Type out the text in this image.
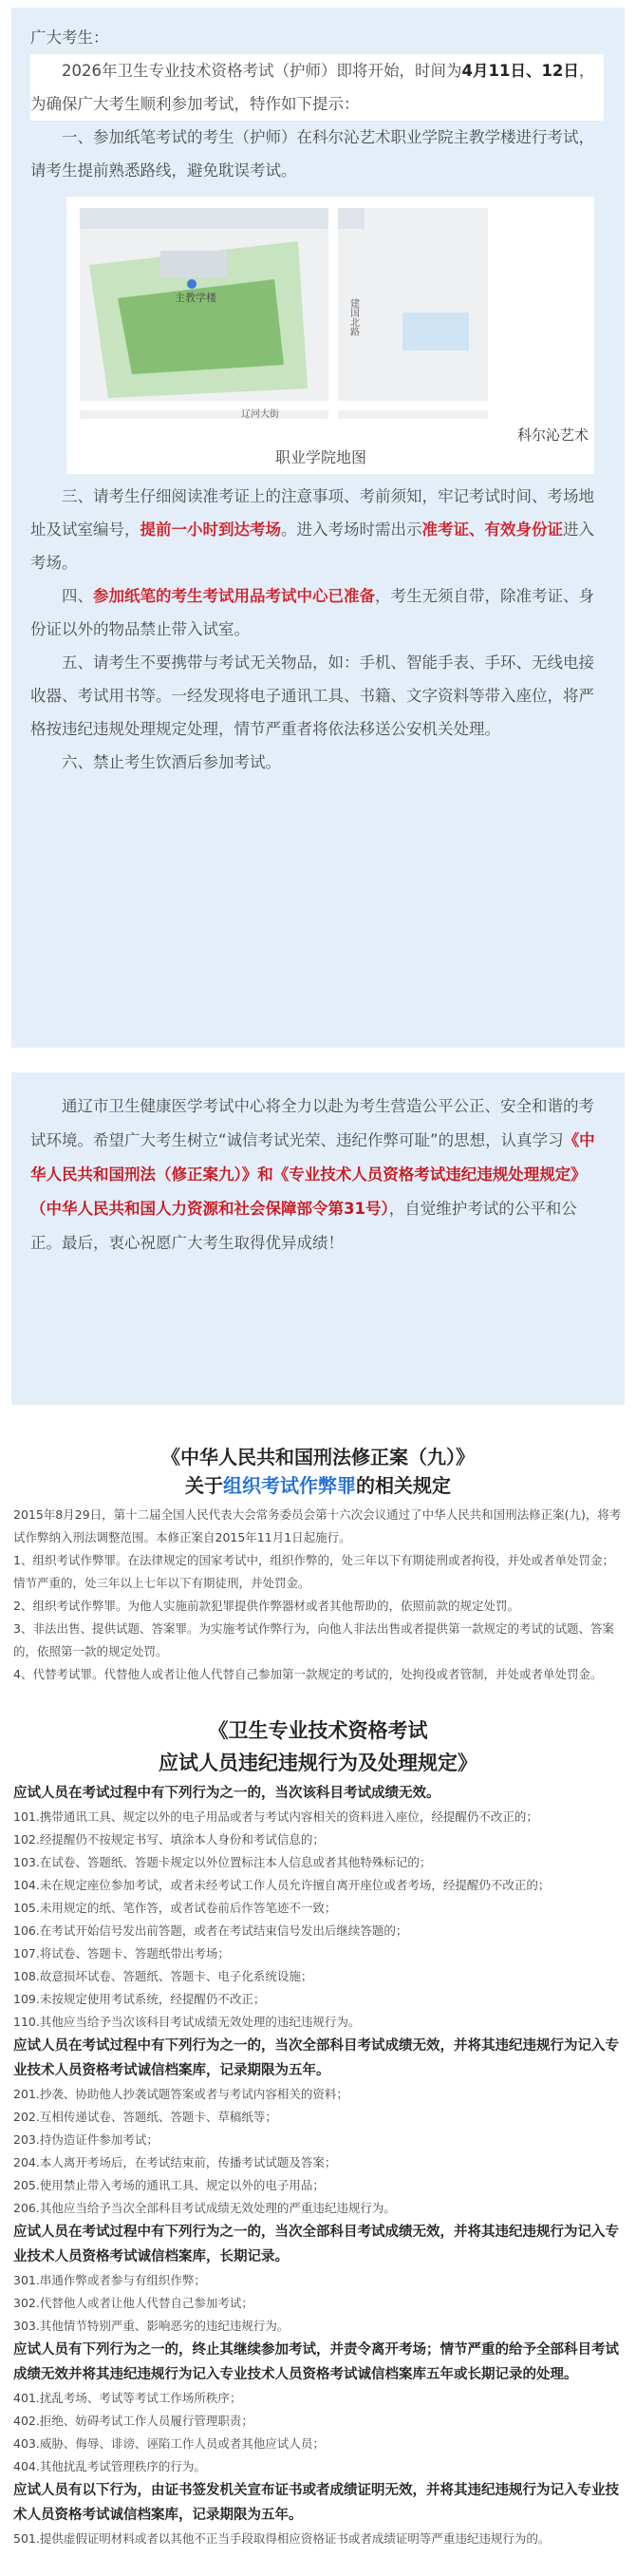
广大考生：

2026年卫生专业技术资格考试（护师）即将开始，时间为4月11日、12日，为确保广大考生顺利参加考试，特作如下提示：

一、参加纸笔考试的考生（护师）在科尔沁艺术职业学院主教学楼进行考试，请考生提前熟悉路线，避免耽误考试。

主教学楼
建国北路
辽河大街
科尔沁艺术
职业学院地图

三、请考生仔细阅读准考证上的注意事项、考前须知，牢记考试时间、考场地址及试室编号，提前一小时到达考场。进入考场时需出示准考证、有效身份证进入考场。

四、参加纸笔的考生考试用品考试中心已准备，考生无须自带，除准考证、身份证以外的物品禁止带入试室。

五、请考生不要携带与考试无关物品，如：手机、智能手表、手环、无线电接收器、考试用书等。一经发现将电子通讯工具、书籍、文字资料等带入座位，将严格按违纪违规处理规定处理，情节严重者将依法移送公安机关处理。

六、禁止考生饮酒后参加考试。

通辽市卫生健康医学考试中心将全力以赴为考生营造公平公正、安全和谐的考试环境。希望广大考生树立“诚信考试光荣、违纪作弊可耻”的思想，认真学习《中华人民共和国刑法（修正案九）》和《专业技术人员资格考试违纪违规处理规定》（中华人民共和国人力资源和社会保障部令第31号），自觉维护考试的公平和公正。最后，衷心祝愿广大考生取得优异成绩！

《中华人民共和国刑法修正案（九）》
关于组织考试作弊罪的相关规定

2015年8月29日，第十二届全国人民代表大会常务委员会第十六次会议通过了中华人民共和国刑法修正案(九)，将考试作弊纳入刑法调整范围。本修正案自2015年11月1日起施行。

1、组织考试作弊罪。在法律规定的国家考试中，组织作弊的，处三年以下有期徒刑或者拘役，并处或者单处罚金；情节严重的，处三年以上七年以下有期徒刑，并处罚金。

2、组织考试作弊罪。为他人实施前款犯罪提供作弊器材或者其他帮助的，依照前款的规定处罚。

3、非法出售、提供试题、答案罪。为实施考试作弊行为，向他人非法出售或者提供第一款规定的考试的试题、答案的，依照第一款的规定处罚。

4、代替考试罪。代替他人或者让他人代替自己参加第一款规定的考试的，处拘役或者管制，并处或者单处罚金。

《卫生专业技术资格考试
应试人员违纪违规行为及处理规定》

应试人员在考试过程中有下列行为之一的，当次该科目考试成绩无效。

101.携带通讯工具、规定以外的电子用品或者与考试内容相关的资料进入座位，经提醒仍不改正的；

102.经提醒仍不按规定书写、填涂本人身份和考试信息的；

103.在试卷、答题纸、答题卡规定以外位置标注本人信息或者其他特殊标记的；

104.未在规定座位参加考试，或者未经考试工作人员允许擅自离开座位或者考场，经提醒仍不改正的；

105.未用规定的纸、笔作答，或者试卷前后作答笔迹不一致；

106.在考试开始信号发出前答题，或者在考试结束信号发出后继续答题的；

107.将试卷、答题卡、答题纸带出考场；

108.故意损坏试卷、答题纸、答题卡、电子化系统设施；

109.未按规定使用考试系统，经提醒仍不改正；

110.其他应当给予当次该科目考试成绩无效处理的违纪违规行为。

应试人员在考试过程中有下列行为之一的，当次全部科目考试成绩无效，并将其违纪违规行为记入专业技术人员资格考试诚信档案库，记录期限为五年。

201.抄袭、协助他人抄袭试题答案或者与考试内容相关的资料；

202.互相传递试卷、答题纸、答题卡、草稿纸等；

203.持伪造证件参加考试；

204.本人离开考场后，在考试结束前，传播考试试题及答案；

205.使用禁止带入考场的通讯工具、规定以外的电子用品；

206.其他应当给予当次全部科目考试成绩无效处理的严重违纪违规行为。

应试人员在考试过程中有下列行为之一的，当次全部科目考试成绩无效，并将其违纪违规行为记入专业技术人员资格考试诚信档案库，长期记录。

301.串通作弊或者参与有组织作弊；

302.代替他人或者让他人代替自己参加考试；

303.其他情节特别严重、影响恶劣的违纪违规行为。

应试人员有下列行为之一的，终止其继续参加考试，并责令离开考场；情节严重的给予全部科目考试成绩无效并将其违纪违规行为记入专业技术人员资格考试诚信档案库五年或长期记录的处理。

401.扰乱考场、考试等考试工作场所秩序；

402.拒绝、妨碍考试工作人员履行管理职责；

403.威胁、侮辱、诽谤、诬陷工作人员或者其他应试人员；

404.其他扰乱考试管理秩序的行为。

应试人员有以下行为，由证书签发机关宣布证书或者成绩证明无效，并将其违纪违规行为记入专业技术人员资格考试诚信档案库，记录期限为五年。

501.提供虚假证明材料或者以其他不正当手段取得相应资格证书或者成绩证明等严重违纪违规行为的。
